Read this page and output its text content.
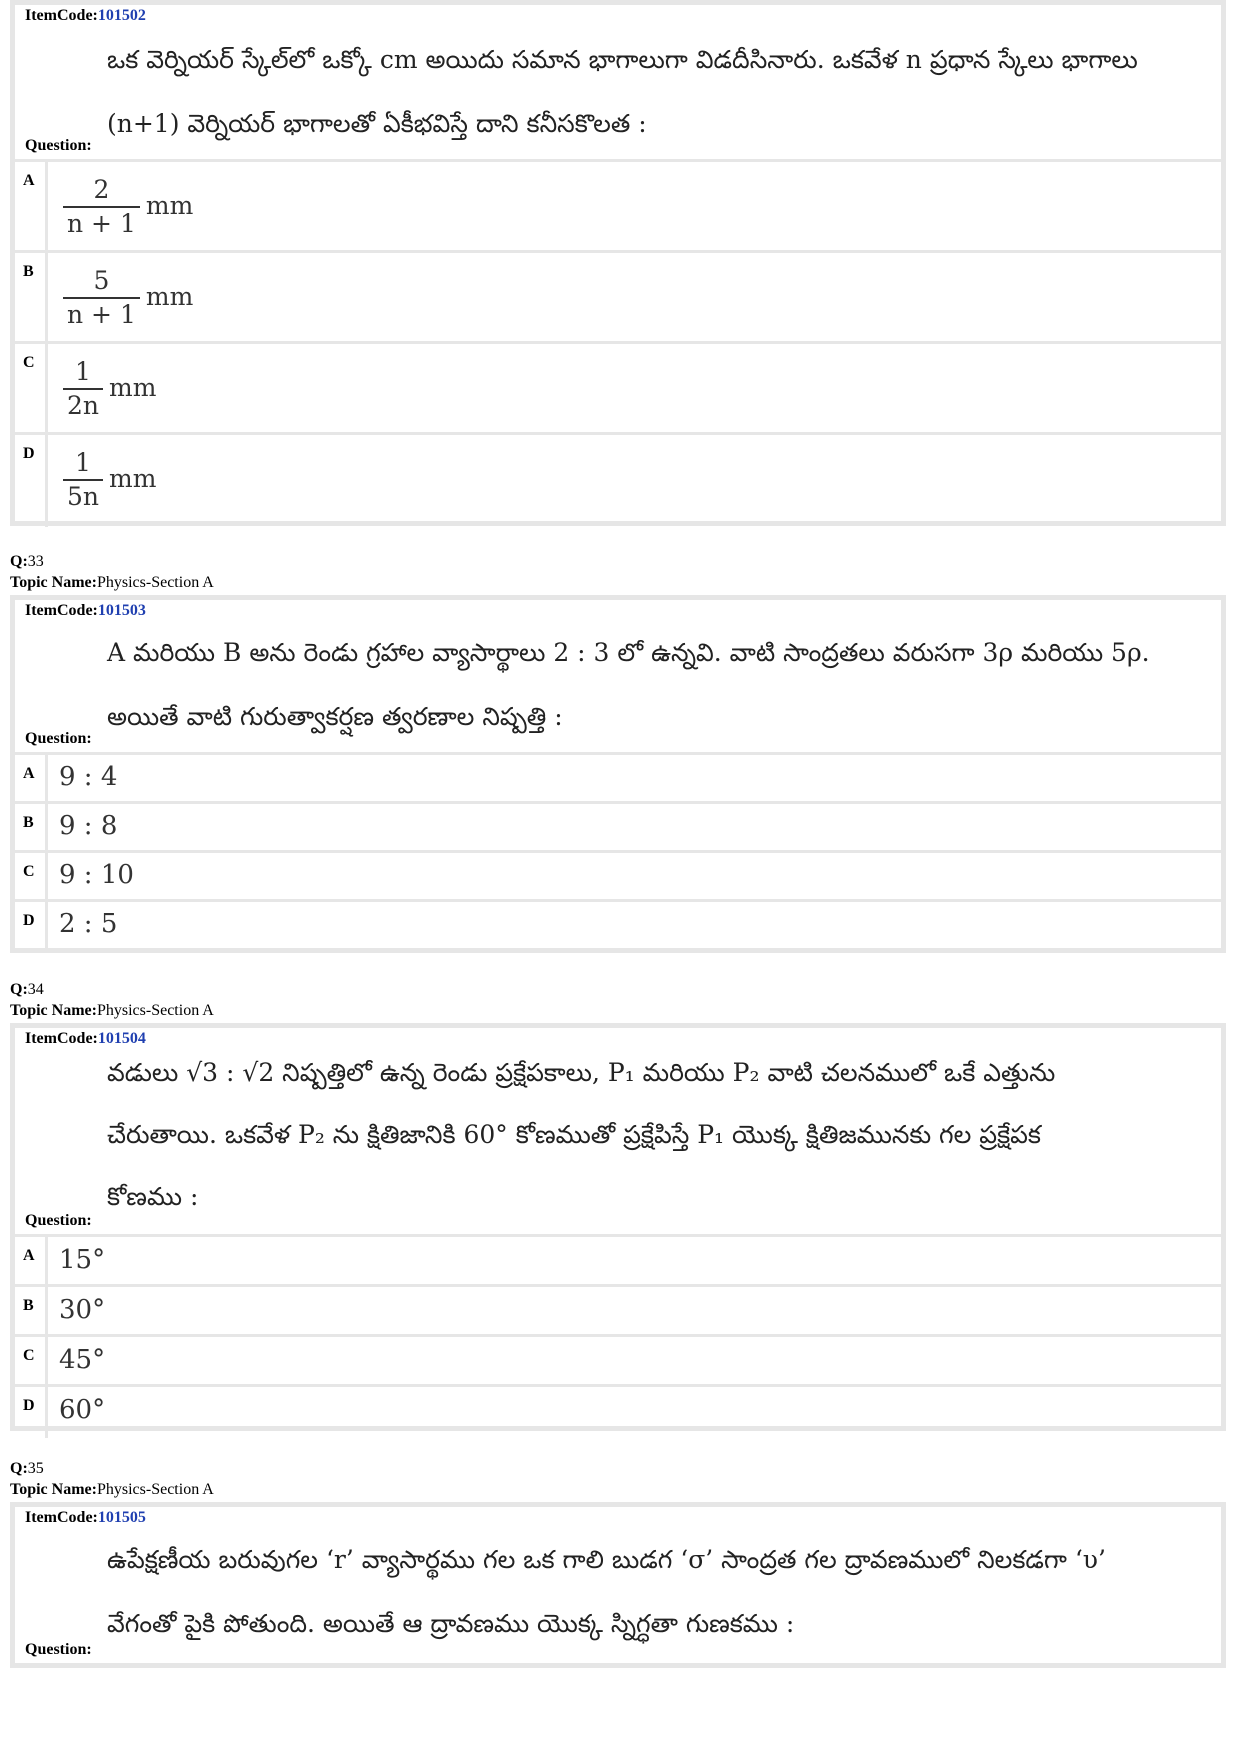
ItemCode:101502
ఒక వెర్నియర్ స్కేల్‌లో ఒక్కో cm అయిదు సమాన భాగాలుగా విడదీసినారు. ఒకవేళ n ప్రధాన స్కేలు భాగాలు
(n+1) వెర్నియర్ భాగాలతో ఏకీభవిస్తే దాని కనీసకొలత :
Question:
A	$\frac{2}{n + 1}$ mm
B	$\frac{5}{n + 1}$ mm
C	$\frac{1}{2n}$ mm
D	$\frac{1}{5n}$ mm
Q:33
Topic Name:Physics-Section A
ItemCode:101503
A మరియు B అను రెండు గ్రహాల వ్యాసార్థాలు 2 : 3 లో ఉన్నవి. వాటి సాంద్రతలు వరుసగా 3ρ మరియు 5ρ.
అయితే వాటి గురుత్వాకర్షణ త్వరణాల నిష్పత్తి :
Question:
A 9 : 4
B 9 : 8
C 9 : 10
D 2 : 5
Q:34
Topic Name:Physics-Section A
ItemCode:101504
వడులు √3 : √2 నిష్పత్తిలో ఉన్న రెండు ప్రక్షేపకాలు, P₁ మరియు P₂ వాటి చలనములో ఒకే ఎత్తును
చేరుతాయి. ఒకవేళ P₂ ను క్షితిజానికి 60° కోణముతో ప్రక్షేపిస్తే P₁ యొక్క క్షితిజమునకు గల ప్రక్షేపక
కోణము :
Question:
A 15°
B 30°
C 45°
D 60°
Q:35
Topic Name:Physics-Section A
ItemCode:101505
ఉపేక్షణీయ బరువుగల ‘r’ వ్యాసార్థము గల ఒక గాలి బుడగ ‘σ’ సాంద్రత గల ద్రావణములో నిలకడగా ‘υ’
వేగంతో పైకి పోతుంది. అయితే ఆ ద్రావణము యొక్క స్నిగ్ధతా గుణకము :
Question:
